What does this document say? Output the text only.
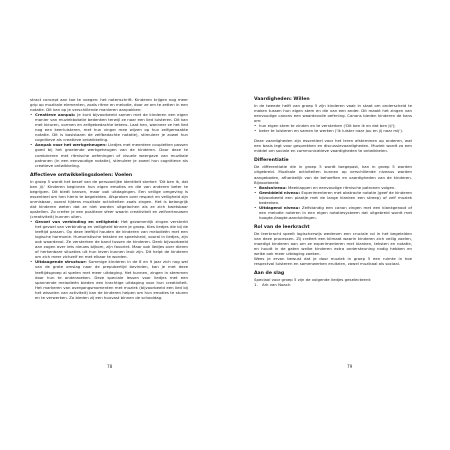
stract concept aan toe te voegen: het notenschrift. Kinderen krijgen nog meer grip op muzikale elementen, zoals ritme en melodie, door ze om te zetten in een notatie. Dit kan op je verschillende manieren aanpakken:

• Creatieve aanpak: Je kunt bijvoorbeeld samen met de kinderen een eigen manier van muziekbotatie bedenken terwijl ze naar een lied luisteren. Dit kan met kleuren, vormen en zelfgebedachte tekens. Laat hen, wanneer ze het lied nog een keerluisteren, met hun vinger mee wijzen op hun zelfgemaakte notatie. Dit is basistaam de zelfbedachte notatie), stimuleer je zowel hun cognitieve als creatieve ontwikkeling.
• Aanpak voor het werkgeheugen: Liedjes met meerdere coupletten passen goed bij het groeiende werkgeheugen van de kinderen. Door deze te combineren met ritmische oefeningen of visuele weergave van muzikale patronen (in een eenvoudige notatie), stimuleer je zowel hun cognitieve als creatieve ontwikkeling.
Affectieve ontwikkelingsdoelen: Voelen

In groep 5 wordt het besef van de persoonlijke identiteit sterker: 'Dit ben ik, dat ben jij.' Kinderen beginnen hun eigen emoties en die van anderen beter te begrijpen. Dit biedt kansen, maar ook uitdagingen. Een veilige omgeving is essentieel om hen hierin te begeleiden. Afspraken over respect en veiligheid zijn onmisbaar, vooral tijdens muzikale activiteiten zoals zingen. Het is belangrijk dat kinderen weten dat ze niet worden uitgelachen als ze zich kwetsbaar opstellen. Zo creëer je een positieve sfeer waarin creativiteit en zelfvertrouwen (creativiteit) kunnen uiten.

• Gevoel van verbinding en veiligheid: Het gezamenlijk zingen versterkt het gevoel van verbinding en veiligheid binnen je groep. Kies liedjes die bij de leeftijd passen. Op deze leeftijd houden de kinderen van melodieën met een logische harmonie. Humoristische teksten en speelsheid, vooral in liedjes, zijn ook waardevol. Ze versterken de band tussen de kinderen. Denk bijvoorbeeld aan zogen over iets nieuws bijkom, zijn favoriet. Maar ook liedjes over dieren of herkenbare situaties uit hun leven kunnen leuk zijn. Dit helpt de kinderen om zich meer zichzelf en met elkaar te worden.
• Uitdaagende structuur: Sommige kinderen in de 8 en 9 jaar zich nog wel van de grote omslag naar de prepubertijd bevinden, kan je met deze leeftijdsgroep al spelen met meer uitdaging. Het kunnen, zingen in stemmen door hun te onderzoeken. Deze speciale lessen voor liedjes met een spannende melodieën bieden een krachtige uitdaging voor hun creativiteit. Het markeren van overgangsmomenten met muziek (bijvoorbeeld een lied bij het wisselen van activiteit) kan de kinderen helpen om hun emoties te sturen en te verwerken. Zo bieden zij een houvast binnen de schooldag.
78
Vaardigheden: Willen

In de tweede helft van groep 5 zijn kinderen vaak in staat om onderscheid te maken tussen hun eigen stem en die van een ander. Dit maakt het zingen van eenvoudige canons een waardevolle oefening. Canons bieden kinderen de kans om:

• hun eigen stem te vinden en te versterken ('Dit ben ik en dat ben jij');
• beter te luisteren en samen te werken ('Ik luister naar jou en jij naar mij').

Deze vaardigheden zijn essentieel voor het leren afstemmen op anderen, wat een basis legt voor gesprekken en discussievaardigheden. Muziek wordt zo een middel om sociale en communicatieve vaardigheden te ontwikkelen.

Differentiatie

De differentiatie die in groep 5 wordt toegepast, kan in groep 5 worden uitgebreid. Muzikale activiteiten kunnen op verschillende niveaus worden aangeboden, afhankelijk van de behoeften en vaardigheden van de kinderen. Bijvoorbeeld:

• Basisniveau: Meeklappen en eenvoudige ritmische patronen volgen.
• Gemiddeld niveau: Experimenteren met abstracte notatie (geef de kinderen bijvoorbeeld een plaatje met de lange klanken een streep) of zelf muziek bedenken.
• Uitdagend niveau: Zelfstandig een canon zingen met een klankgenoot of een melodie noteren in een eigen notatiesysteem dat uitgebreid wordt met hoogte-/laagte-aanduidingen.
Rol van de leerkracht

De leerkracht speelt logischerwijs wederom een cruciale rol in het begeleiden van deze processen. Zij creëert een klimaat waarin kinderen zich veilig voelen, moedigt kinderen aan om ze experimenteren met klanken, teksten en notatie, en houdt in de gaten welke kinderen extra ondersteuning nodig hebben en welke ook meer uitdaging zoeken.

Wees je ervan bewust dat je door muziek in groep 5 een ruimte in hoe respectvol luisteren en samenwerken eruitzien, zowel muzikaal als sociaal.

Aan de slag

Speciaal voor groep 5 zijn de volgende liedjes geselecteerd:

1. Ark van Noach
79
